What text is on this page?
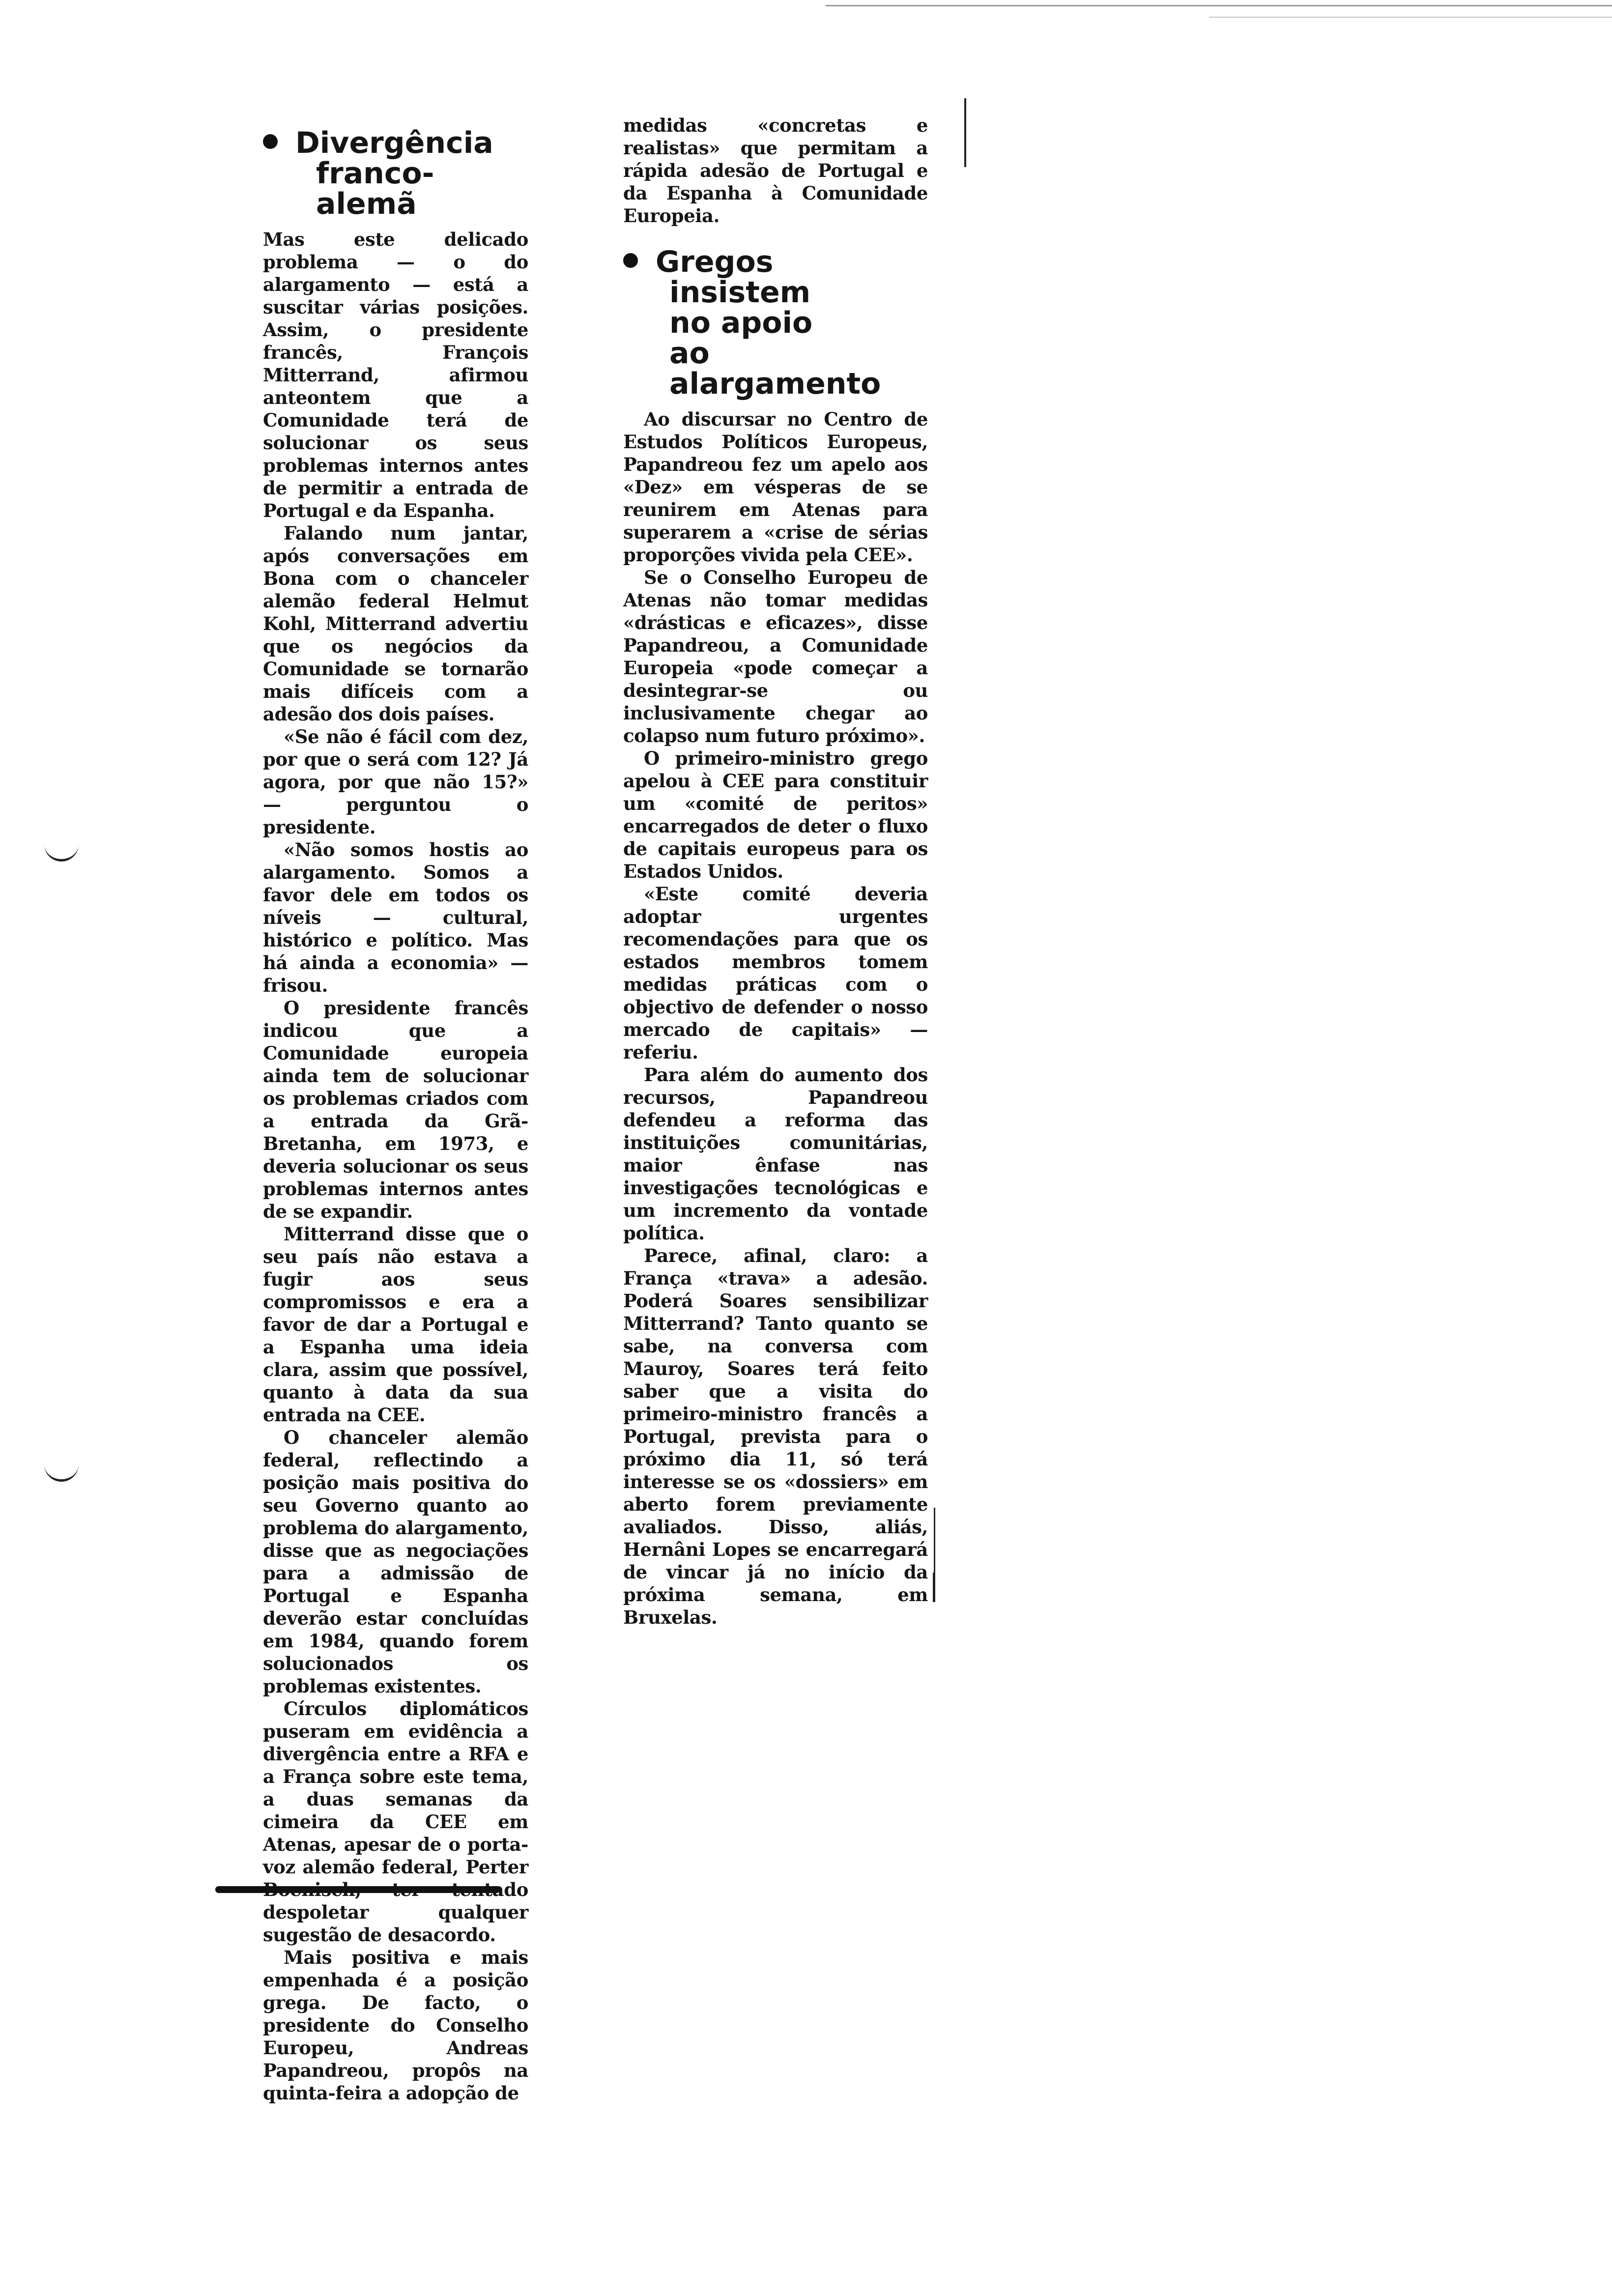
Divergência
franco-alemã

Mas este delicado problema — o do alargamento — está a suscitar várias posições. Assim, o presidente francês, François Mitterrand, afirmou anteontem que a Comunidade terá de solucionar os seus problemas internos antes de permitir a entrada de Portugal e da Espanha.

Falando num jantar, após conversações em Bona com o chanceler alemão federal Helmut Kohl, Mitterrand advertiu que os negócios da Comunidade se tornarão mais difíceis com a adesão dos dois países.

«Se não é fácil com dez, por que o será com 12? Já agora, por que não 15?» — perguntou o presidente.

«Não somos hostis ao alargamento. Somos a favor dele em todos os níveis — cultural, histórico e político. Mas há ainda a economia» — frisou.

O presidente francês indicou que a Comunidade europeia ainda tem de solucionar os problemas criados com a entrada da Grã-Bretanha, em 1973, e deveria solucionar os seus problemas internos antes de se expandir.

Mitterrand disse que o seu país não estava a fugir aos seus compromissos e era a favor de dar a Portugal e a Espanha uma ideia clara, assim que possível, quanto à data da sua entrada na CEE.

O chanceler alemão federal, reflectindo a posição mais positiva do seu Governo quanto ao problema do alargamento, disse que as negociações para a admissão de Portugal e Espanha deverão estar concluídas em 1984, quando forem solucionados os problemas existentes.

Círculos diplomáticos puseram em evidência a divergência entre a RFA e a França sobre este tema, a duas semanas da cimeira da CEE em Atenas, apesar de o porta-voz alemão federal, Perter Boenisch, ter tentado despoletar qualquer sugestão de desacordo.

Mais positiva e mais empenhada é a posição grega. De facto, o presidente do Conselho Europeu, Andreas Papandreou, propôs na quinta-feira a adopção de

medidas «concretas e realistas» que permitam a rápida adesão de Portugal e da Espanha à Comunidade Europeia.

Gregos
insistem
no apoio
ao alargamento

Ao discursar no Centro de Estudos Políticos Europeus, Papandreou fez um apelo aos «Dez» em vésperas de se reunirem em Atenas para superarem a «crise de sérias proporções vivida pela CEE».

Se o Conselho Europeu de Atenas não tomar medidas «drásticas e eficazes», disse Papandreou, a Comunidade Europeia «pode começar a desintegrar-se ou inclusivamente chegar ao colapso num futuro próximo».

O primeiro-ministro grego apelou à CEE para constituir um «comité de peritos» encarregados de deter o fluxo de capitais europeus para os Estados Unidos.

«Este comité deveria adoptar urgentes recomendações para que os estados membros tomem medidas práticas com o objectivo de defender o nosso mercado de capitais» — referiu.

Para além do aumento dos recursos, Papandreou defendeu a reforma das instituições comunitárias, maior ênfase nas investigações tecnológicas e um incremento da vontade política.

Parece, afinal, claro: a França «trava» a adesão. Poderá Soares sensibilizar Mitterrand? Tanto quanto se sabe, na conversa com Mauroy, Soares terá feito saber que a visita do primeiro-ministro francês a Portugal, prevista para o próximo dia 11, só terá interesse se os «dossiers» em aberto forem previamente avaliados. Disso, aliás, Hernâni Lopes se encarregará de vincar já no início da próxima semana, em Bruxelas.
